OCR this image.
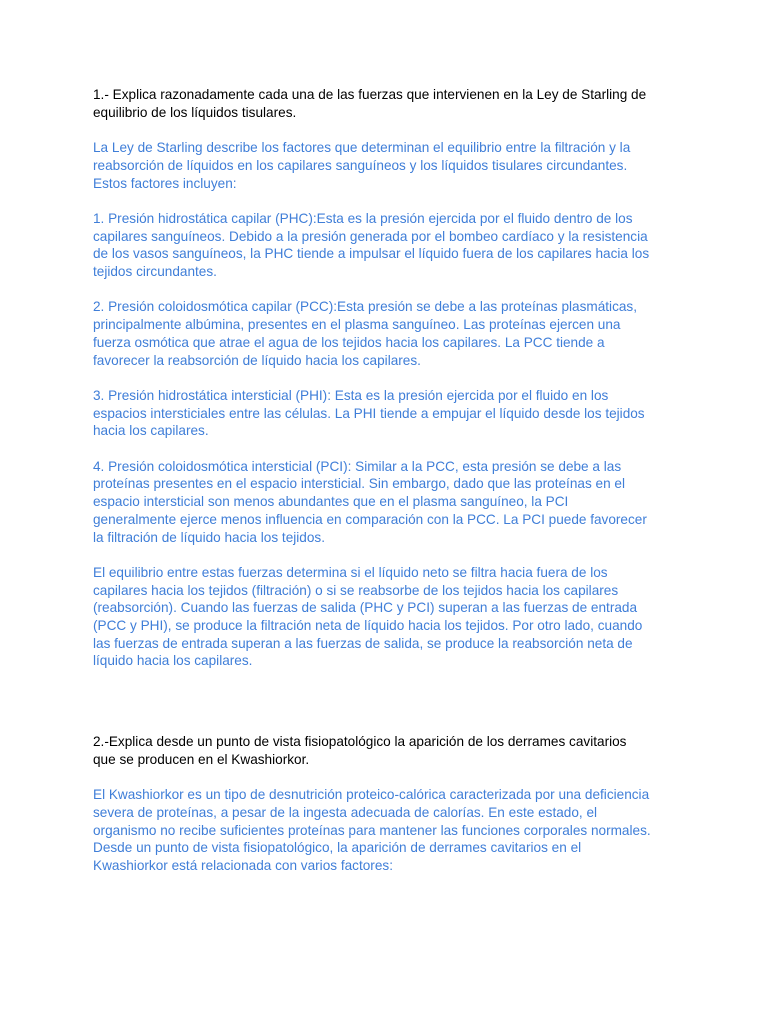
1.- Explica razonadamente cada una de las fuerzas que intervienen en la Ley de Starling de
equilibrio de los líquidos tisulares.

La Ley de Starling describe los factores que determinan el equilibrio entre la filtración y la
reabsorción de líquidos en los capilares sanguíneos y los líquidos tisulares circundantes.
Estos factores incluyen:

1. Presión hidrostática capilar (PHC):Esta es la presión ejercida por el fluido dentro de los
capilares sanguíneos. Debido a la presión generada por el bombeo cardíaco y la resistencia
de los vasos sanguíneos, la PHC tiende a impulsar el líquido fuera de los capilares hacia los
tejidos circundantes.

2. Presión coloidosmótica capilar (PCC):Esta presión se debe a las proteínas plasmáticas,
principalmente albúmina, presentes en el plasma sanguíneo. Las proteínas ejercen una
fuerza osmótica que atrae el agua de los tejidos hacia los capilares. La PCC tiende a
favorecer la reabsorción de líquido hacia los capilares.

3. Presión hidrostática intersticial (PHI): Esta es la presión ejercida por el fluido en los
espacios intersticiales entre las células. La PHI tiende a empujar el líquido desde los tejidos
hacia los capilares.

4. Presión coloidosmótica intersticial (PCI): Similar a la PCC, esta presión se debe a las
proteínas presentes en el espacio intersticial. Sin embargo, dado que las proteínas en el
espacio intersticial son menos abundantes que en el plasma sanguíneo, la PCI
generalmente ejerce menos influencia en comparación con la PCC. La PCI puede favorecer
la filtración de líquido hacia los tejidos.

El equilibrio entre estas fuerzas determina si el líquido neto se filtra hacia fuera de los
capilares hacia los tejidos (filtración) o si se reabsorbe de los tejidos hacia los capilares
(reabsorción). Cuando las fuerzas de salida (PHC y PCI) superan a las fuerzas de entrada
(PCC y PHI), se produce la filtración neta de líquido hacia los tejidos. Por otro lado, cuando
las fuerzas de entrada superan a las fuerzas de salida, se produce la reabsorción neta de
líquido hacia los capilares.

2.-Explica desde un punto de vista fisiopatológico la aparición de los derrames cavitarios
que se producen en el Kwashiorkor.

El Kwashiorkor es un tipo de desnutrición proteico-calórica caracterizada por una deficiencia
severa de proteínas, a pesar de la ingesta adecuada de calorías. En este estado, el
organismo no recibe suficientes proteínas para mantener las funciones corporales normales.
Desde un punto de vista fisiopatológico, la aparición de derrames cavitarios en el
Kwashiorkor está relacionada con varios factores:
